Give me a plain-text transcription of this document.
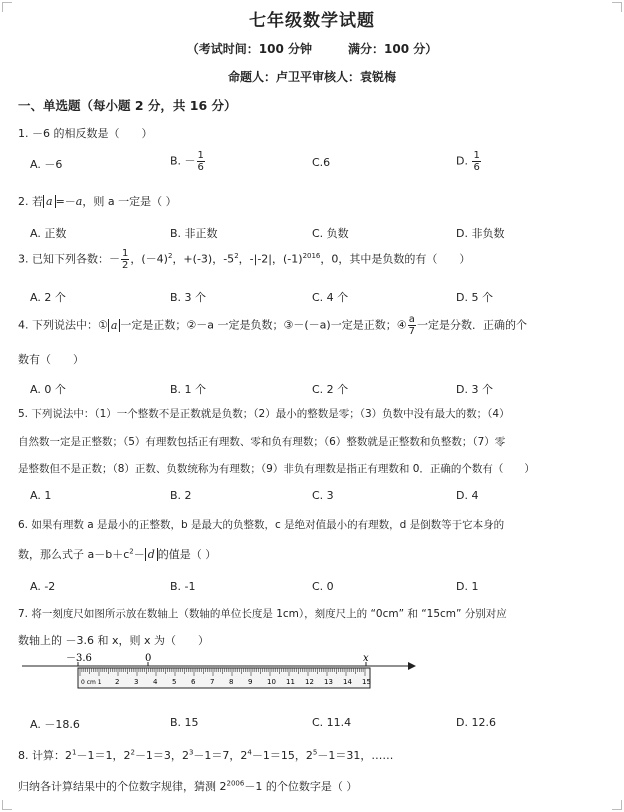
七年级数学试题
（考试时间：100 分钟　　　满分：100 分）
命题人：卢卫平审核人：袁锐梅
一、单选题（每小题 2 分，共 16 分）
1. －6 的相反数是（　　）
A. －6	B. － $\frac{1}{6}$	C.6	D. $\frac{1}{6}$
2. 若 a =－a，则 a 一定是（ ）
A. 正数	B. 非正数	C. 负数	D. 非负数
3. 已知下列各数：－ $\frac{1}{2}$ ，$(-4)^2$，+(-3)，$-5^2$，-|-2|，$(-1)^{2016}$，0，其中是负数的有（　　）
A. 2 个	B. 3 个	C. 4 个	D. 5 个
4. 下列说法中：① a 一定是正数；②－a 一定是负数；③－(－a)一定是正数；④ $\frac{a}{7}$ 一定是分数．正确的个
数有（　　）
A. 0 个	B. 1 个	C. 2 个	D. 3 个
5. 下列说法中：（1）一个整数不是正数就是负数；（2）最小的整数是零；（3）负数中没有最大的数；（4）
自然数一定是正整数；（5）有理数包括正有理数、零和负有理数；（6）整数就是正整数和负整数；（7）零
是整数但不是正数；（8）正数、负数统称为有理数；（9）非负有理数是指正有理数和 0．正确的个数有（　　）
A. 1	B. 2	C. 3	D. 4
6. 如果有理数 a 是最小的正整数，b 是最大的负整数，c 是绝对值最小的有理数，d 是倒数等于它本身的
数，那么式子 $a-b+c^2- d$ 的值是（ ）
A. -2	B. -1	C. 0	D. 1
7. 将一刻度尺如图所示放在数轴上（数轴的单位长度是 1cm），刻度尺上的 “0cm” 和 “15cm” 分别对应
数轴上的 －3.6 和 x，则 x 为（　　）
－3.6	0	x
0 cm 1 2 3 4 5 6 7 8 9 10 11 12 13 14 15
A. －18.6	B. 15	C. 11.4	D. 12.6
8. 计算：$2^1-1=1$，$2^2-1=3$，$2^3-1=7$，$2^4-1=15$，$2^5-1=31$，……
归纳各计算结果中的个位数字规律，猜测 $2^{2006}-1$ 的个位数字是（ ）
